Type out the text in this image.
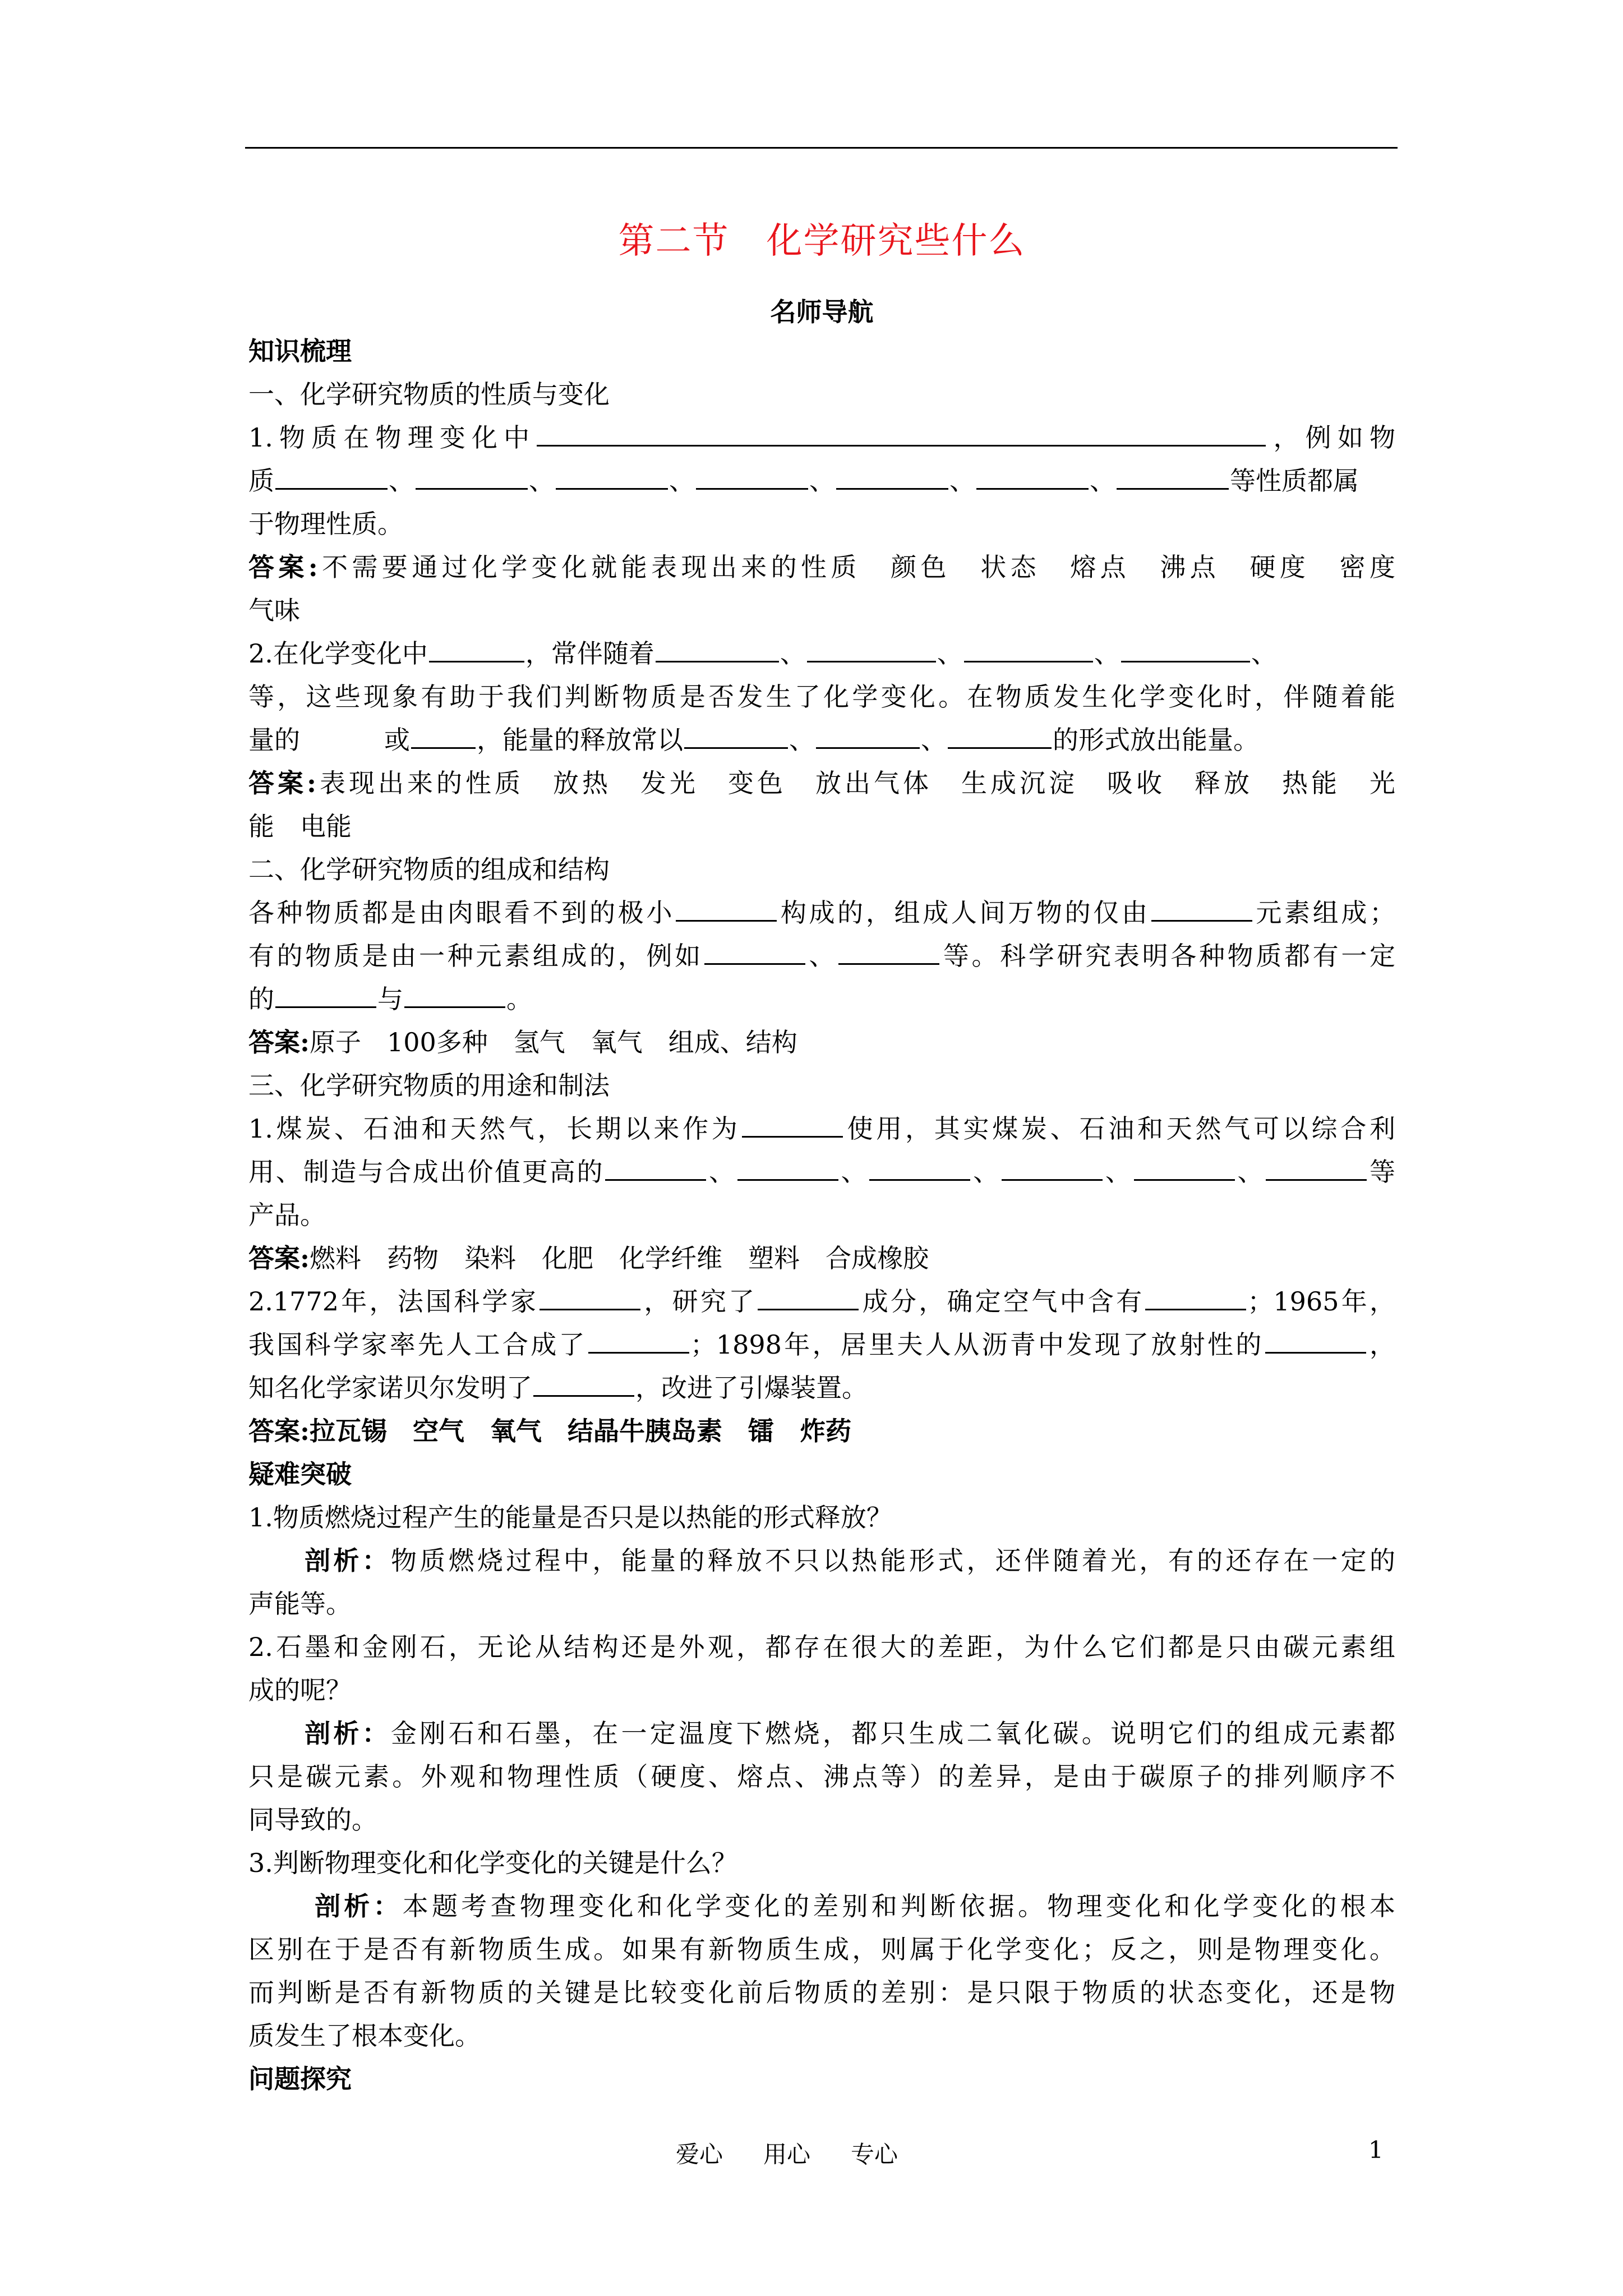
第二节　化学研究些什么
名师导航
知识梳理
一、化学研究物质的性质与变化
1.物质在物理变化中	，例如物
质	、	、	、	、	、	、	等性质都属
于物理性质。
答案:不需要通过化学变化就能表现出来的性质　颜色　状态　熔点　沸点　硬度　密度
气味
2.在化学变化中	，常伴随着	、	、	、	、
等，这些现象有助于我们判断物质是否发生了化学变化。在物质发生化学变化时，伴随着能
量的	或	，能量的释放常以	、	、	的形式放出能量。
答案:表现出来的性质　放热　发光　变色　放出气体　生成沉淀　吸收　释放　热能　光
能　电能
二、化学研究物质的组成和结构
各种物质都是由肉眼看不到的极小	构成的，组成人间万物的仅由	元素组成；
有的物质是由一种元素组成的，例如	、	等。科学研究表明各种物质都有一定
的	与	。
答案:原子　100多种　氢气　氧气　组成、结构
三、化学研究物质的用途和制法
1.煤炭、石油和天然气，长期以来作为	使用，其实煤炭、石油和天然气可以综合利
用、制造与合成出价值更高的	、	、	、	、	、	等
产品。
答案:燃料　药物　染料　化肥　化学纤维　塑料　合成橡胶
2.1772年，法国科学家	，研究了	成分，确定空气中含有	；1965年，
我国科学家率先人工合成了	；1898年，居里夫人从沥青中发现了放射性的	，
知名化学家诺贝尔发明了	，改进了引爆装置。
答案:拉瓦锡　空气　氧气　结晶牛胰岛素　镭　炸药
疑难突破
1.物质燃烧过程产生的能量是否只是以热能的形式释放？
剖析：物质燃烧过程中，能量的释放不只以热能形式，还伴随着光，有的还存在一定的
声能等。
2.石墨和金刚石，无论从结构还是外观，都存在很大的差距，为什么它们都是只由碳元素组
成的呢？
剖析：金刚石和石墨，在一定温度下燃烧，都只生成二氧化碳。说明它们的组成元素都
只是碳元素。外观和物理性质（硬度、熔点、沸点等）的差异，是由于碳原子的排列顺序不
同导致的。
3.判断物理变化和化学变化的关键是什么？
剖析：本题考查物理变化和化学变化的差别和判断依据。物理变化和化学变化的根本
区别在于是否有新物质生成。如果有新物质生成，则属于化学变化；反之，则是物理变化。
而判断是否有新物质的关键是比较变化前后物质的差别：是只限于物质的状态变化，还是物
质发生了根本变化。
问题探究
爱心 用心 专心	1
